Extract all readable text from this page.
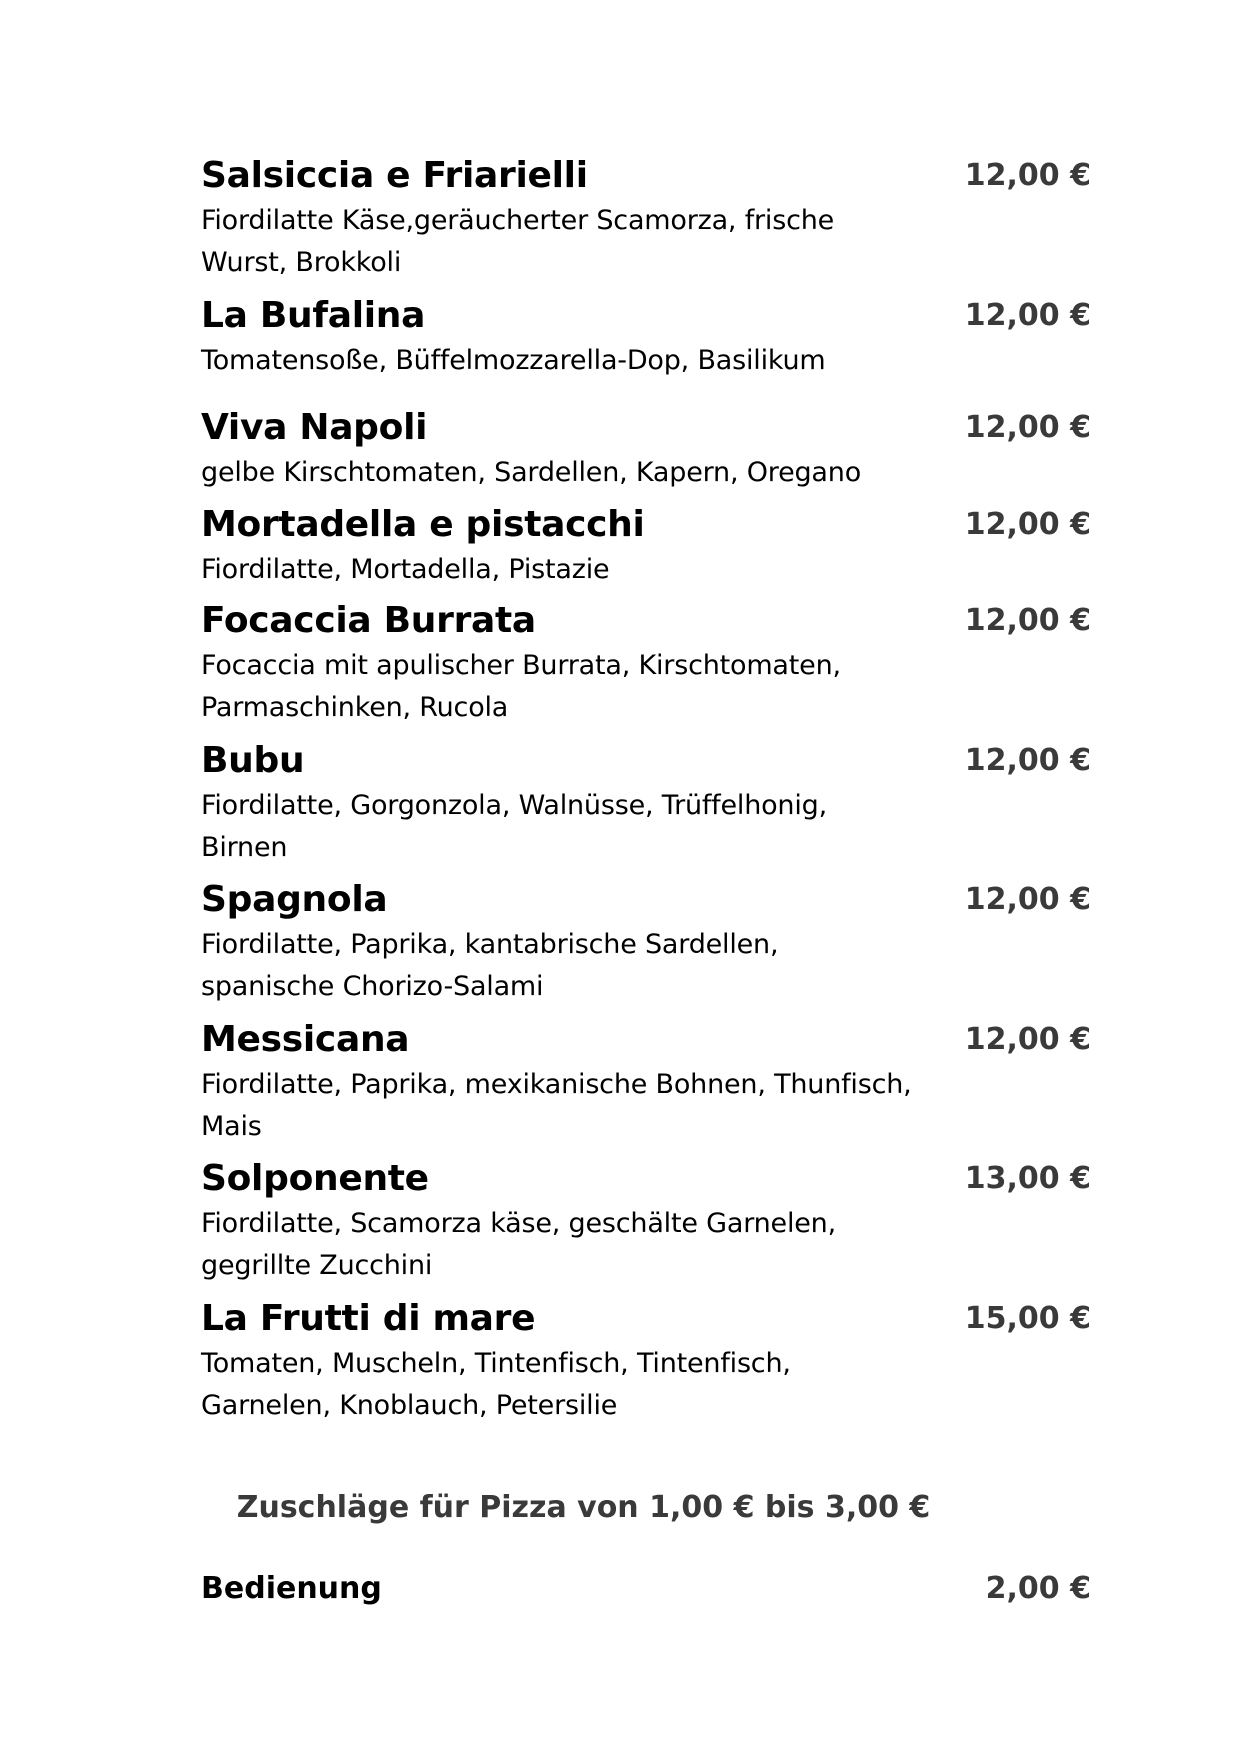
Salsiccia e Friarielli	12,00 €
Fiordilatte Käse,geräucherter Scamorza, frische
Wurst, Brokkoli
La Bufalina	12,00 €
Tomatensoße, Büffelmozzarella-Dop, Basilikum
Viva Napoli	12,00 €
gelbe Kirschtomaten, Sardellen, Kapern, Oregano
Mortadella e pistacchi	12,00 €
Fiordilatte, Mortadella, Pistazie
Focaccia Burrata	12,00 €
Focaccia mit apulischer Burrata, Kirschtomaten,
Parmaschinken, Rucola
Bubu	12,00 €
Fiordilatte, Gorgonzola, Walnüsse, Trüffelhonig,
Birnen
Spagnola	12,00 €
Fiordilatte, Paprika, kantabrische Sardellen,
spanische Chorizo-Salami
Messicana	12,00 €
Fiordilatte, Paprika, mexikanische Bohnen, Thunfisch,
Mais
Solponente	13,00 €
Fiordilatte, Scamorza käse, geschälte Garnelen,
gegrillte Zucchini
La Frutti di mare	15,00 €
Tomaten, Muscheln, Tintenfisch, Tintenfisch,
Garnelen, Knoblauch, Petersilie
Zuschläge für Pizza von 1,00 € bis 3,00 €
Bedienung	2,00 €
